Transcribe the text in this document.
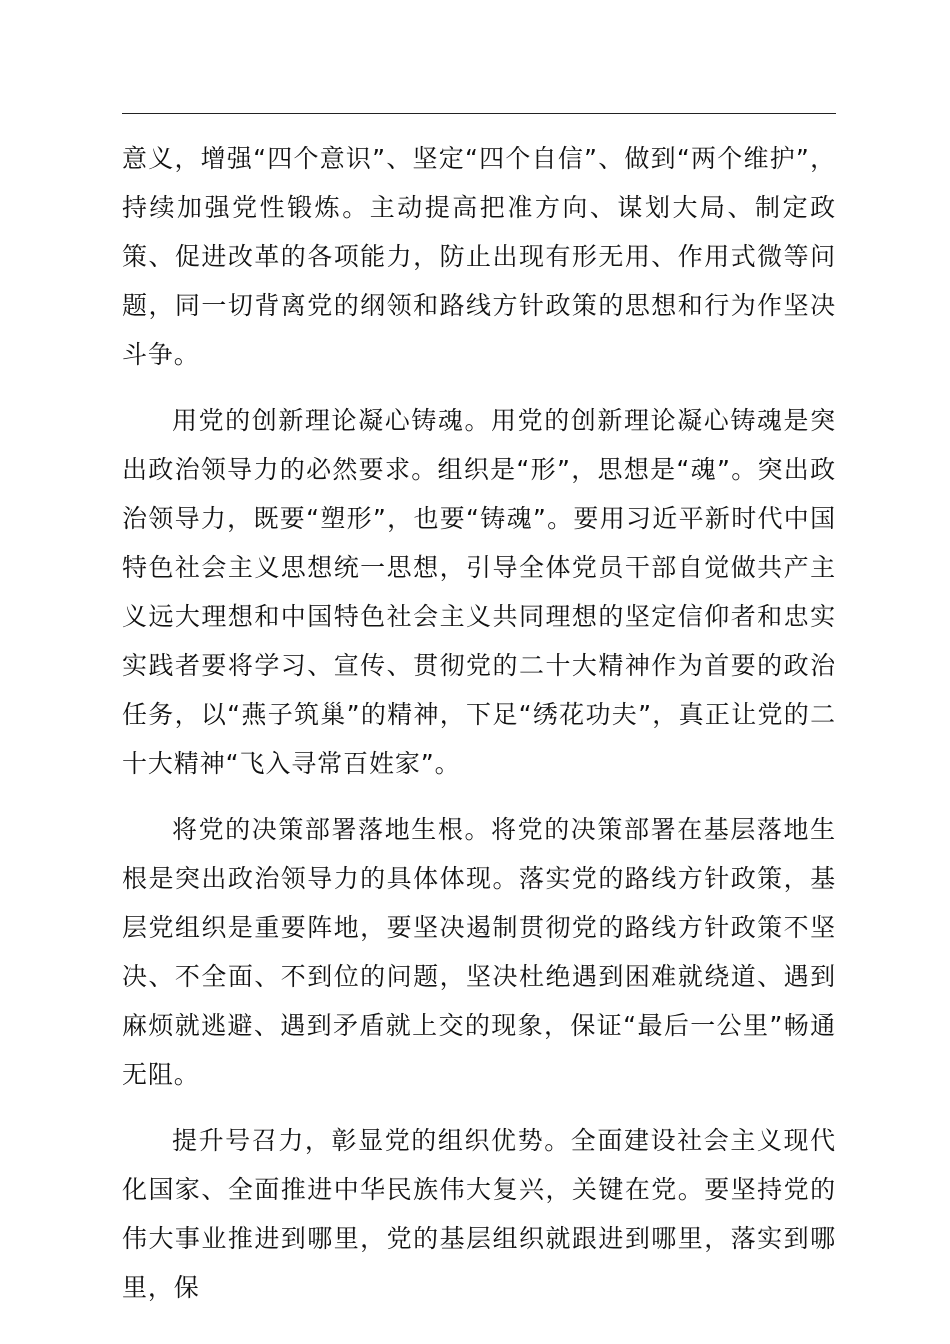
意义，增强“四个意识”、坚定“四个自信”、做到“两个维护”，持续加强党性锻炼。主动提高把准方向、谋划大局、制定政策、促进改革的各项能力，防止出现有形无用、作用式微等问题，同一切背离党的纲领和路线方针政策的思想和行为作坚决斗争。

用党的创新理论凝心铸魂。用党的创新理论凝心铸魂是突出政治领导力的必然要求。组织是“形”，思想是“魂”。突出政治领导力，既要“塑形”，也要“铸魂”。要用习近平新时代中国特色社会主义思想统一思想，引导全体党员干部自觉做共产主义远大理想和中国特色社会主义共同理想的坚定信仰者和忠实实践者要将学习、宣传、贯彻党的二十大精神作为首要的政治任务，以“燕子筑巢”的精神，下足“绣花功夫”，真正让党的二十大精神“飞入寻常百姓家”。

将党的决策部署落地生根。将党的决策部署在基层落地生根是突出政治领导力的具体体现。落实党的路线方针政策，基层党组织是重要阵地，要坚决遏制贯彻党的路线方针政策不坚决、不全面、不到位的问题，坚决杜绝遇到困难就绕道、遇到麻烦就逃避、遇到矛盾就上交的现象，保证“最后一公里”畅通无阻。

提升号召力，彰显党的组织优势。全面建设社会主义现代化国家、全面推进中华民族伟大复兴，关键在党。要坚持党的伟大事业推进到哪里，党的基层组织就跟进到哪里，落实到哪里，保
